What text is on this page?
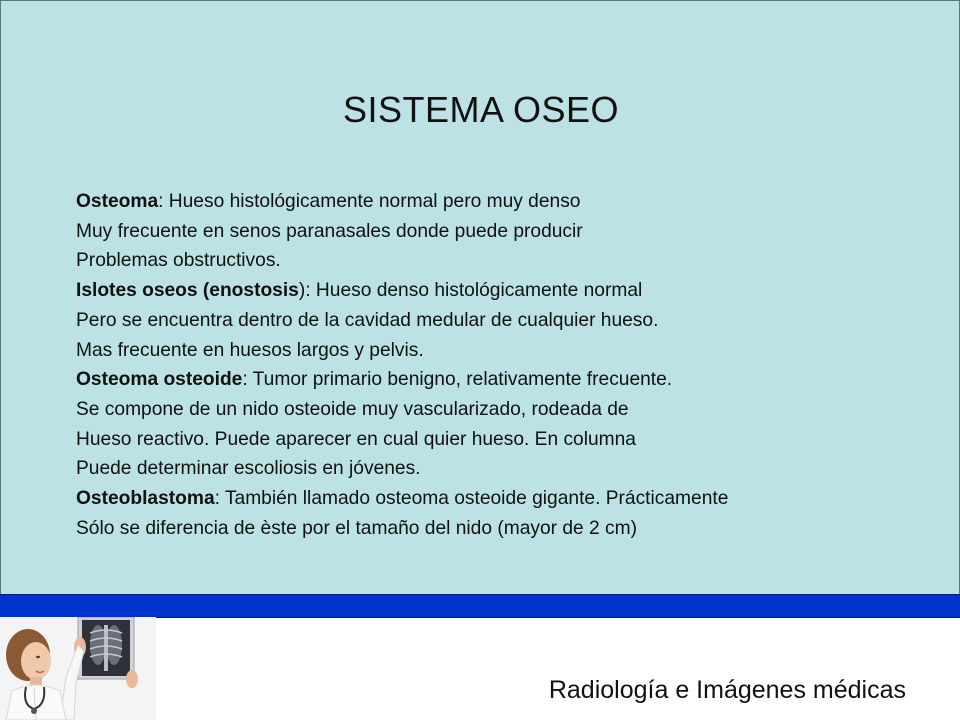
SISTEMA OSEO
Osteoma: Hueso histológicamente normal pero muy denso
Muy frecuente en senos paranasales donde puede producir
Problemas obstructivos.
Islotes oseos (enostosis): Hueso denso histológicamente normal
Pero se encuentra dentro de la cavidad medular de cualquier hueso.
Mas frecuente en huesos largos y pelvis.
Osteoma osteoide: Tumor primario benigno, relativamente frecuente.
Se compone de un nido osteoide muy vascularizado, rodeada de
Hueso reactivo. Puede aparecer en cual quier hueso. En columna
Puede determinar escoliosis en jóvenes.
Osteoblastoma: También llamado osteoma osteoide gigante. Prácticamente
Sólo se diferencia de èste por el tamaño del nido (mayor de 2 cm)
Radiología e Imágenes médicas
